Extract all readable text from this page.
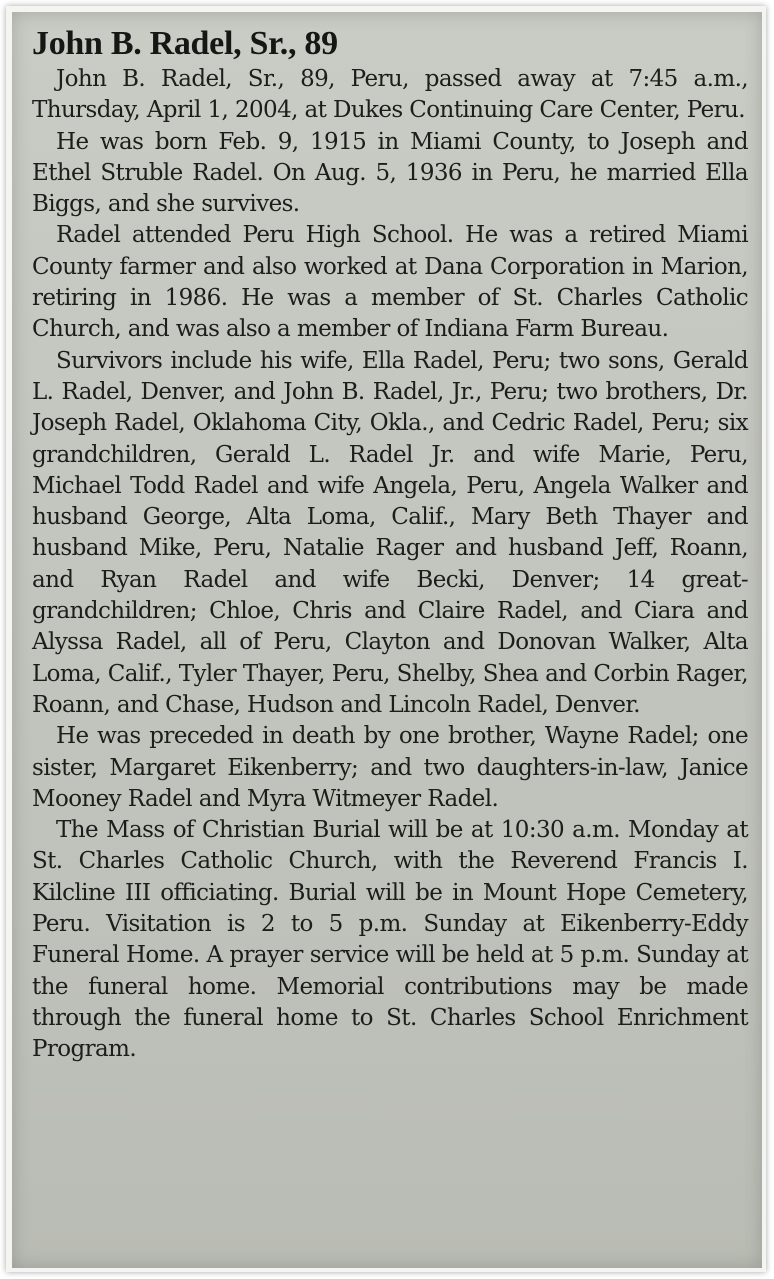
John B. Radel, Sr., 89

John B. Radel, Sr., 89, Peru, passed away at 7:45 a.m., Thursday, April 1, 2004, at Dukes Continuing Care Center, Peru.

He was born Feb. 9, 1915 in Miami County, to Joseph and Ethel Struble Radel. On Aug. 5, 1936 in Peru, he married Ella Biggs, and she survives.

Radel attended Peru High School. He was a retired Miami County farmer and also worked at Dana Corporation in Marion, retiring in 1986. He was a member of St. Charles Catholic Church, and was also a member of Indiana Farm Bureau.

Survivors include his wife, Ella Radel, Peru; two sons, Gerald L. Radel, Denver, and John B. Radel, Jr., Peru; two brothers, Dr. Joseph Radel, Oklahoma City, Okla., and Cedric Radel, Peru; six grandchildren, Gerald L. Radel Jr. and wife Marie, Peru, Michael Todd Radel and wife Angela, Peru, Angela Walker and husband George, Alta Loma, Calif., Mary Beth Thayer and husband Mike, Peru, Natalie Rager and husband Jeff, Roann, and Ryan Radel and wife Becki, Denver; 14 great-grandchildren; Chloe, Chris and Claire Radel, and Ciara and Alyssa Radel, all of Peru, Clayton and Donovan Walker, Alta Loma, Calif., Tyler Thayer, Peru, Shelby, Shea and Corbin Rager, Roann, and Chase, Hudson and Lincoln Radel, Denver.

He was preceded in death by one brother, Wayne Radel; one sister, Margaret Eikenberry; and two daughters-in-law, Janice Mooney Radel and Myra Witmeyer Radel.

The Mass of Christian Burial will be at 10:30 a.m. Monday at St. Charles Catholic Church, with the Reverend Francis I. Kilcline III officiating. Burial will be in Mount Hope Cemetery, Peru. Visitation is 2 to 5 p.m. Sunday at Eikenberry-Eddy Funeral Home. A prayer service will be held at 5 p.m. Sunday at the funeral home. Memorial contributions may be made through the funeral home to St. Charles School Enrichment Program.
